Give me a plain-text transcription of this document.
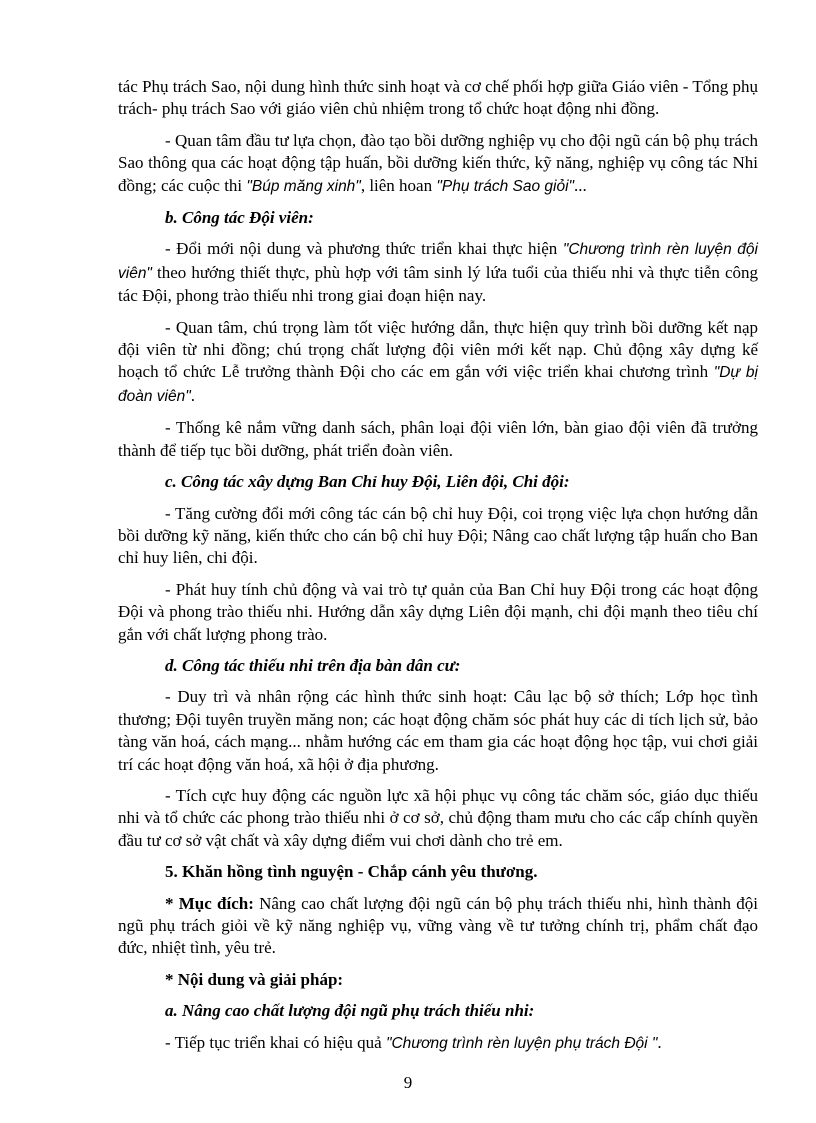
tác Phụ trách Sao, nội dung hình thức sinh hoạt và cơ chế phối hợp giữa Giáo viên - Tổng phụ trách- phụ trách Sao với giáo viên chủ nhiệm trong tổ chức hoạt động nhi đồng.

- Quan tâm đầu tư lựa chọn, đào tạo bồi dưỡng nghiệp vụ cho đội ngũ cán bộ phụ trách Sao thông qua các hoạt động tập huấn, bồi dưỡng kiến thức, kỹ năng, nghiệp vụ công tác Nhi đồng; các cuộc thi "Búp măng xinh", liên hoan "Phụ trách Sao giỏi"...

b. Công tác Đội viên:

- Đổi mới nội dung và phương thức triển khai thực hiện "Chương trình rèn luyện đội viên" theo hướng thiết thực, phù hợp với tâm sinh lý lứa tuổi của thiếu nhi và thực tiễn công tác Đội, phong trào thiếu nhi trong giai đoạn hiện nay.

- Quan tâm, chú trọng làm tốt việc hướng dẫn, thực hiện quy trình bồi dưỡng kết nạp đội viên từ nhi đồng; chú trọng chất lượng đội viên mới kết nạp. Chủ động xây dựng kế hoạch tổ chức Lễ trưởng thành Đội cho các em gắn với việc triển khai chương trình "Dự bị đoàn viên".

- Thống kê nắm vững danh sách, phân loại đội viên lớn, bàn giao đội viên đã trưởng thành để tiếp tục bồi dưỡng, phát triển đoàn viên.

c. Công tác xây dựng Ban Chỉ huy Đội, Liên đội, Chi đội:

- Tăng cường đổi mới công tác cán bộ chỉ huy Đội, coi trọng việc lựa chọn hướng dẫn bồi dưỡng kỹ năng, kiến thức cho cán bộ chỉ huy Đội; Nâng cao chất lượng tập huấn cho Ban chỉ huy liên, chi đội.

- Phát huy tính chủ động và vai trò tự quản của Ban Chỉ huy Đội trong các hoạt động Đội và phong trào thiếu nhi. Hướng dẫn xây dựng Liên đội mạnh, chi đội mạnh theo tiêu chí gắn với chất lượng phong trào.

d. Công tác thiếu nhi trên địa bàn dân cư:

- Duy trì và nhân rộng các hình thức sinh hoạt: Câu lạc bộ sở thích; Lớp học tình thương; Đội tuyên truyền măng non; các hoạt động chăm sóc phát huy các di tích lịch sử, bảo tàng văn hoá, cách mạng... nhằm hướng các em tham gia các hoạt động học tập, vui chơi giải trí các hoạt động văn hoá, xã hội ở địa phương.

- Tích cực huy động các nguồn lực xã hội phục vụ công tác chăm sóc, giáo dục thiếu nhi và tổ chức các phong trào thiếu nhi ở cơ sở, chủ động tham mưu cho các cấp chính quyền đầu tư cơ sở vật chất và xây dựng điểm vui chơi dành cho trẻ em.

5. Khăn hồng tình nguyện - Chắp cánh yêu thương.

* Mục đích: Nâng cao chất lượng đội ngũ cán bộ phụ trách thiếu nhi, hình thành đội ngũ phụ trách giỏi về kỹ năng nghiệp vụ, vững vàng về tư tưởng chính trị, phẩm chất đạo đức, nhiệt tình, yêu trẻ.

* Nội dung và giải pháp:

a. Nâng cao chất lượng đội ngũ phụ trách thiếu nhi:

- Tiếp tục triển khai có hiệu quả "Chương trình rèn luyện phụ trách Đội ".

9
